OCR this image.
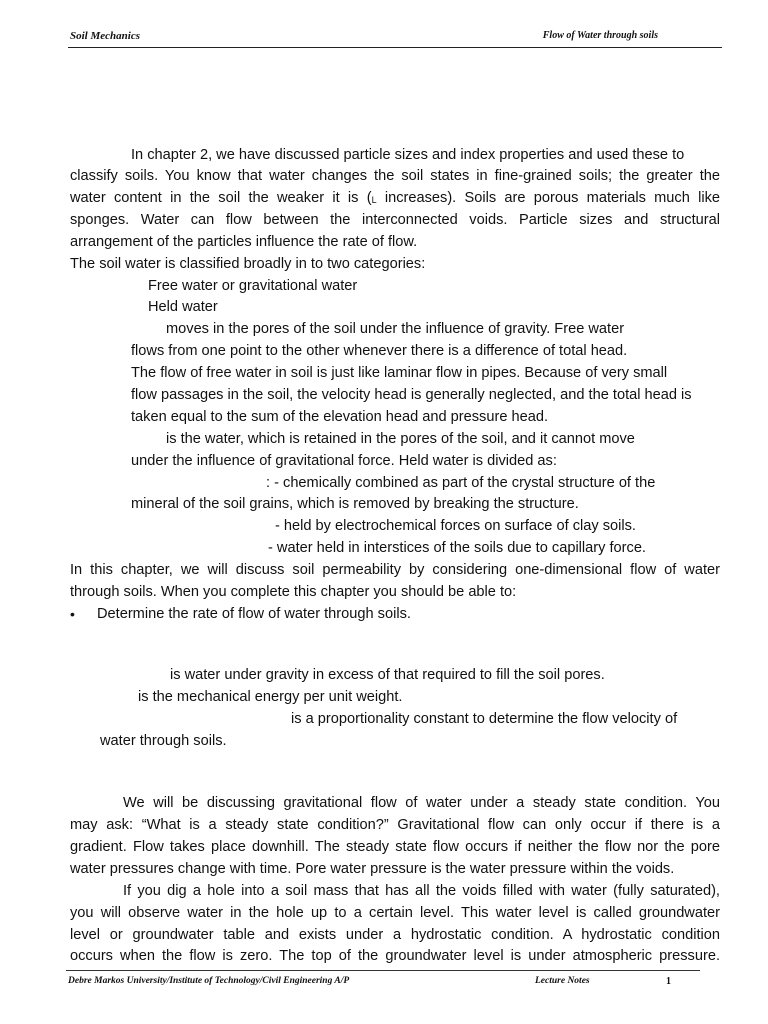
Soil Mechanics	Flow of Water through soils
In chapter 2, we have discussed particle sizes and index properties and used these to
classify soils. You know that water changes the soil states in fine-grained soils; the greater the
water content in the soil the weaker it is (L increases). Soils are porous materials much like
sponges. Water can flow between the interconnected voids. Particle sizes and structural
arrangement of the particles influence the rate of flow.
The soil water is classified broadly in to two categories:
Free water or gravitational water
Held water
moves in the pores of the soil under the influence of gravity. Free water
flows from one point to the other whenever there is a difference of total head.
The flow of free water in soil is just like laminar flow in pipes. Because of very small
flow passages in the soil, the velocity head is generally neglected, and the total head is
taken equal to the sum of the elevation head and pressure head.
is the water, which is retained in the pores of the soil, and it cannot move
under the influence of gravitational force. Held water is divided as:
: - chemically combined as part of the crystal structure of the
mineral of the soil grains, which is removed by breaking the structure.
- held by electrochemical forces on surface of clay soils.
- water held in interstices of the soils due to capillary force.
In this chapter, we will discuss soil permeability by considering one-dimensional flow of water
through soils. When you complete this chapter you should be able to:
• Determine the rate of flow of water through soils.
is water under gravity in excess of that required to fill the soil pores.
is the mechanical energy per unit weight.
is a proportionality constant to determine the flow velocity of
water through soils.
We will be discussing gravitational flow of water under a steady state condition. You
may ask: “What is a steady state condition?” Gravitational flow can only occur if there is a
gradient. Flow takes place downhill. The steady state flow occurs if neither the flow nor the pore
water pressures change with time. Pore water pressure is the water pressure within the voids.
If you dig a hole into a soil mass that has all the voids filled with water (fully saturated),
you will observe water in the hole up to a certain level. This water level is called groundwater
level or groundwater table and exists under a hydrostatic condition. A hydrostatic condition
occurs when the flow is zero. The top of the groundwater level is under atmospheric pressure.
Debre Markos University/Institute of Technology/Civil Engineering A/P	Lecture Notes	1
